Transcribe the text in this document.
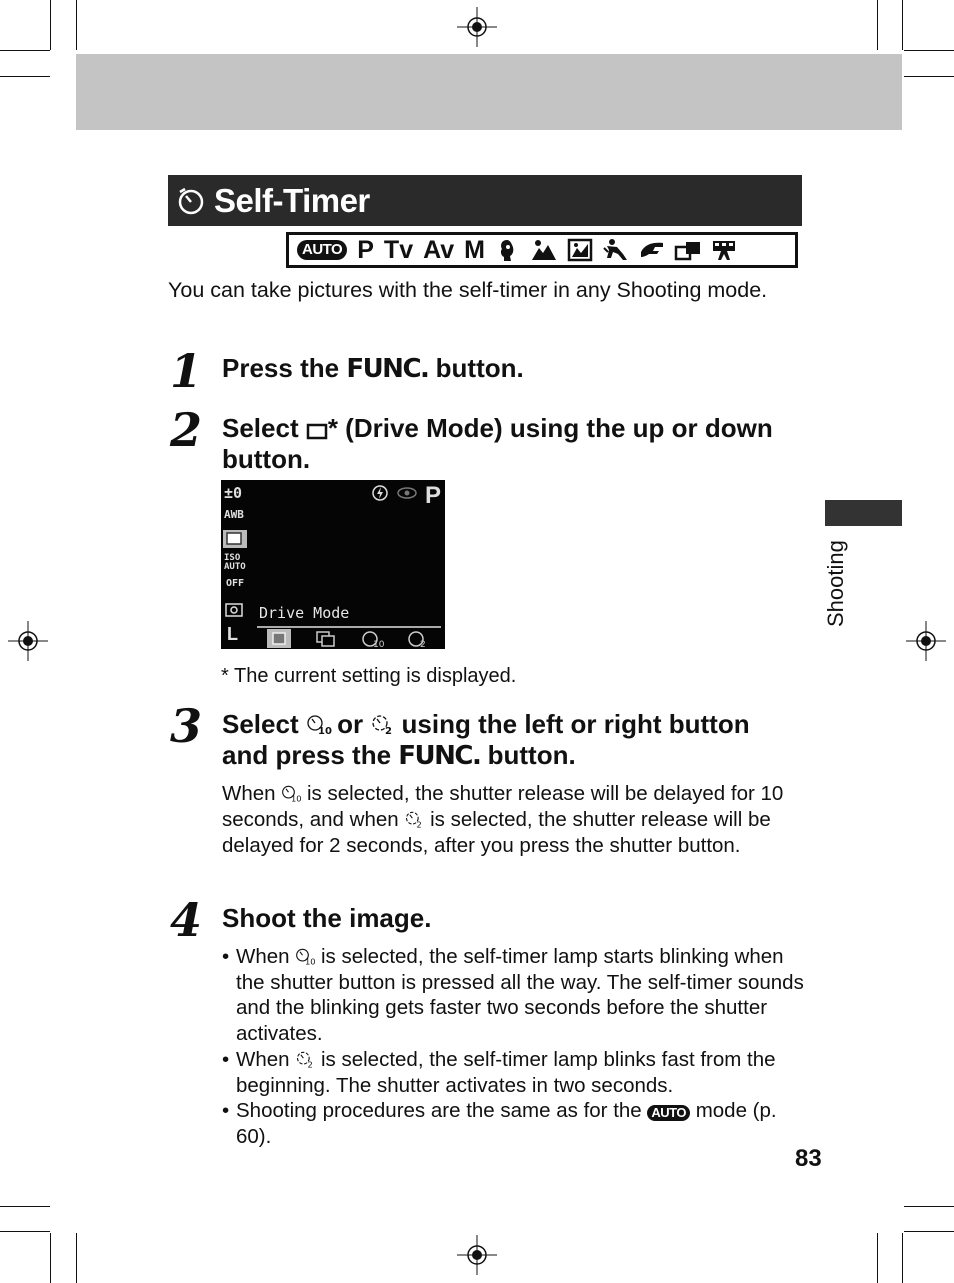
Self-Timer
AUTO P Tv Av M
You can take pictures with the self-timer in any Shooting mode.
1 Press the FUNC. button.
2 Select * (Drive Mode) using the up or down button.
±0
AWB
ISO AUTO
OFF
L
P
Drive Mode
10	2
* The current setting is displayed.
3 Select 10 or 2 using the left or right button
and press the FUNC. button.
When 10 is selected, the shutter release will be delayed for 10 seconds, and when 2 is selected, the shutter release will be delayed for 2 seconds, after you press the shutter button.
4 Shoot the image.
• When 10 is selected, the self-timer lamp starts blinking when the shutter button is pressed all the way. The self-timer sounds and the blinking gets faster two seconds before the shutter activates.
• When 2 is selected, the self-timer lamp blinks fast from the beginning. The shutter activates in two seconds.
• Shooting procedures are the same as for the AUTO mode (p. 60).
Shooting
83
